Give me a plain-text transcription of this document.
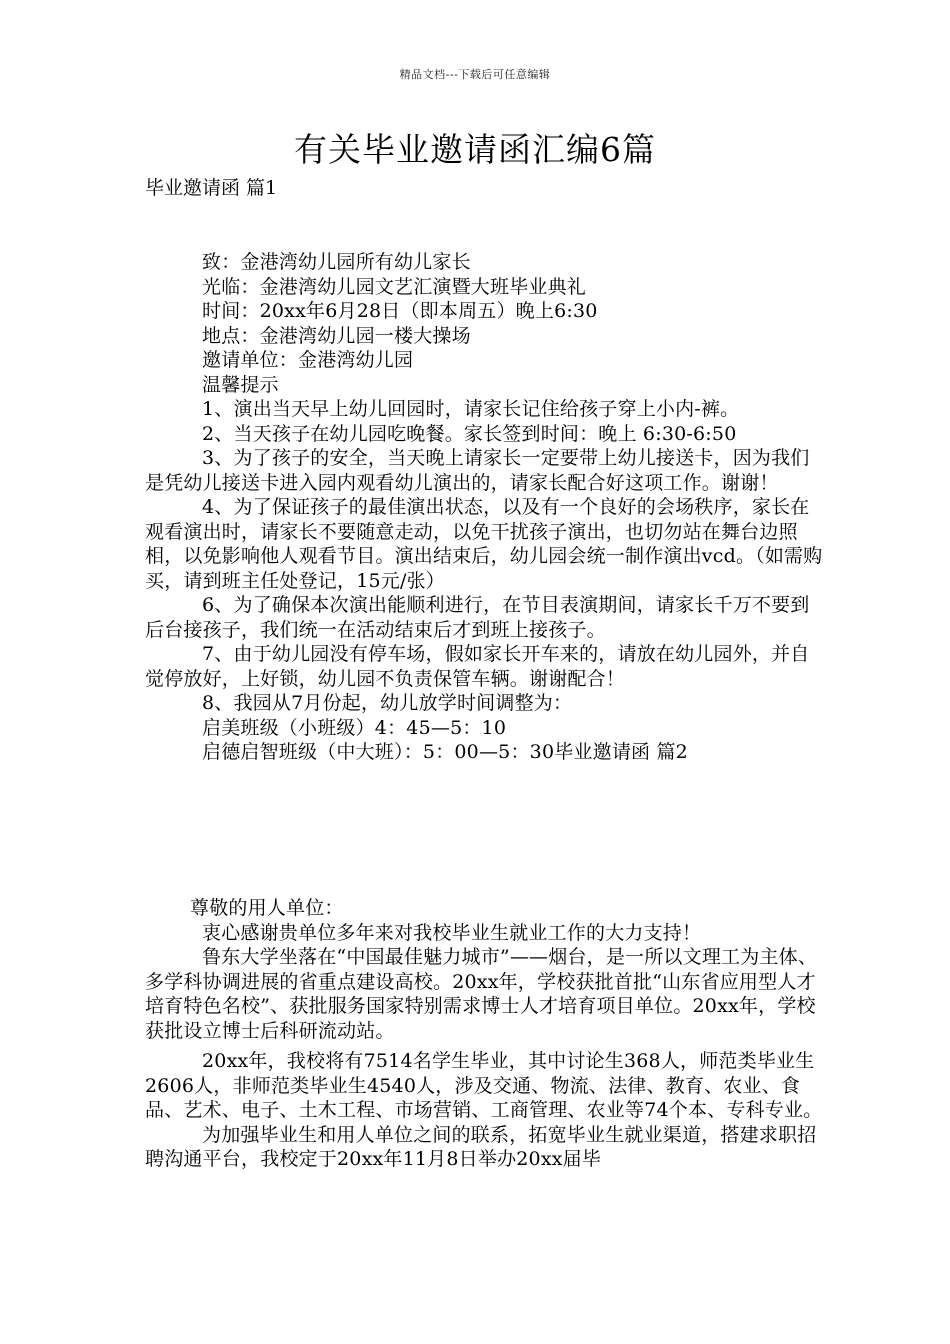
精品文档---下载后可任意编辑
有关毕业邀请函汇编6篇
毕业邀请函 篇1

致：金港湾幼儿园所有幼儿家长

光临：金港湾幼儿园文艺汇演暨大班毕业典礼

时间：20xx年6月28日（即本周五）晚上6:30

地点：金港湾幼儿园一楼大操场

邀请单位：金港湾幼儿园

温馨提示

1、演出当天早上幼儿回园时，请家长记住给孩子穿上小内-裤。

2、当天孩子在幼儿园吃晚餐。家长签到时间：晚上 6:30-6:50

3、为了孩子的安全，当天晚上请家长一定要带上幼儿接送卡，因为我们是凭幼儿接送卡进入园内观看幼儿演出的，请家长配合好这项工作。谢谢！

4、为了保证孩子的最佳演出状态，以及有一个良好的会场秩序，家长在观看演出时，请家长不要随意走动，以免干扰孩子演出，也切勿站在舞台边照相，以免影响他人观看节目。演出结束后，幼儿园会统一制作演出vcd。（如需购买，请到班主任处登记，15元/张）

6、为了确保本次演出能顺利进行，在节目表演期间，请家长千万不要到后台接孩子，我们统一在活动结束后才到班上接孩子。

7、由于幼儿园没有停车场，假如家长开车来的，请放在幼儿园外，并自觉停放好，上好锁，幼儿园不负责保管车辆。谢谢配合！

8、我园从7月份起，幼儿放学时间调整为：

启美班级（小班级）4：45—5：10

启德启智班级（中大班）：5：00—5：30毕业邀请函 篇2

尊敬的用人单位：

衷心感谢贵单位多年来对我校毕业生就业工作的大力支持！

鲁东大学坐落在“中国最佳魅力城市”——烟台，是一所以文理工为主体、多学科协调进展的省重点建设高校。20xx年，学校获批首批“山东省应用型人才培育特色名校”、获批服务国家特别需求博士人才培育项目单位。20xx年，学校获批设立博士后科研流动站。

20xx年，我校将有7514名学生毕业，其中讨论生368人，师范类毕业生2606人，非师范类毕业生4540人，涉及交通、物流、法律、教育、农业、食品、艺术、电子、土木工程、市场营销、工商管理、农业等74个本、专科专业。

为加强毕业生和用人单位之间的联系，拓宽毕业生就业渠道，搭建求职招聘沟通平台，我校定于20xx年11月8日举办20xx届毕
